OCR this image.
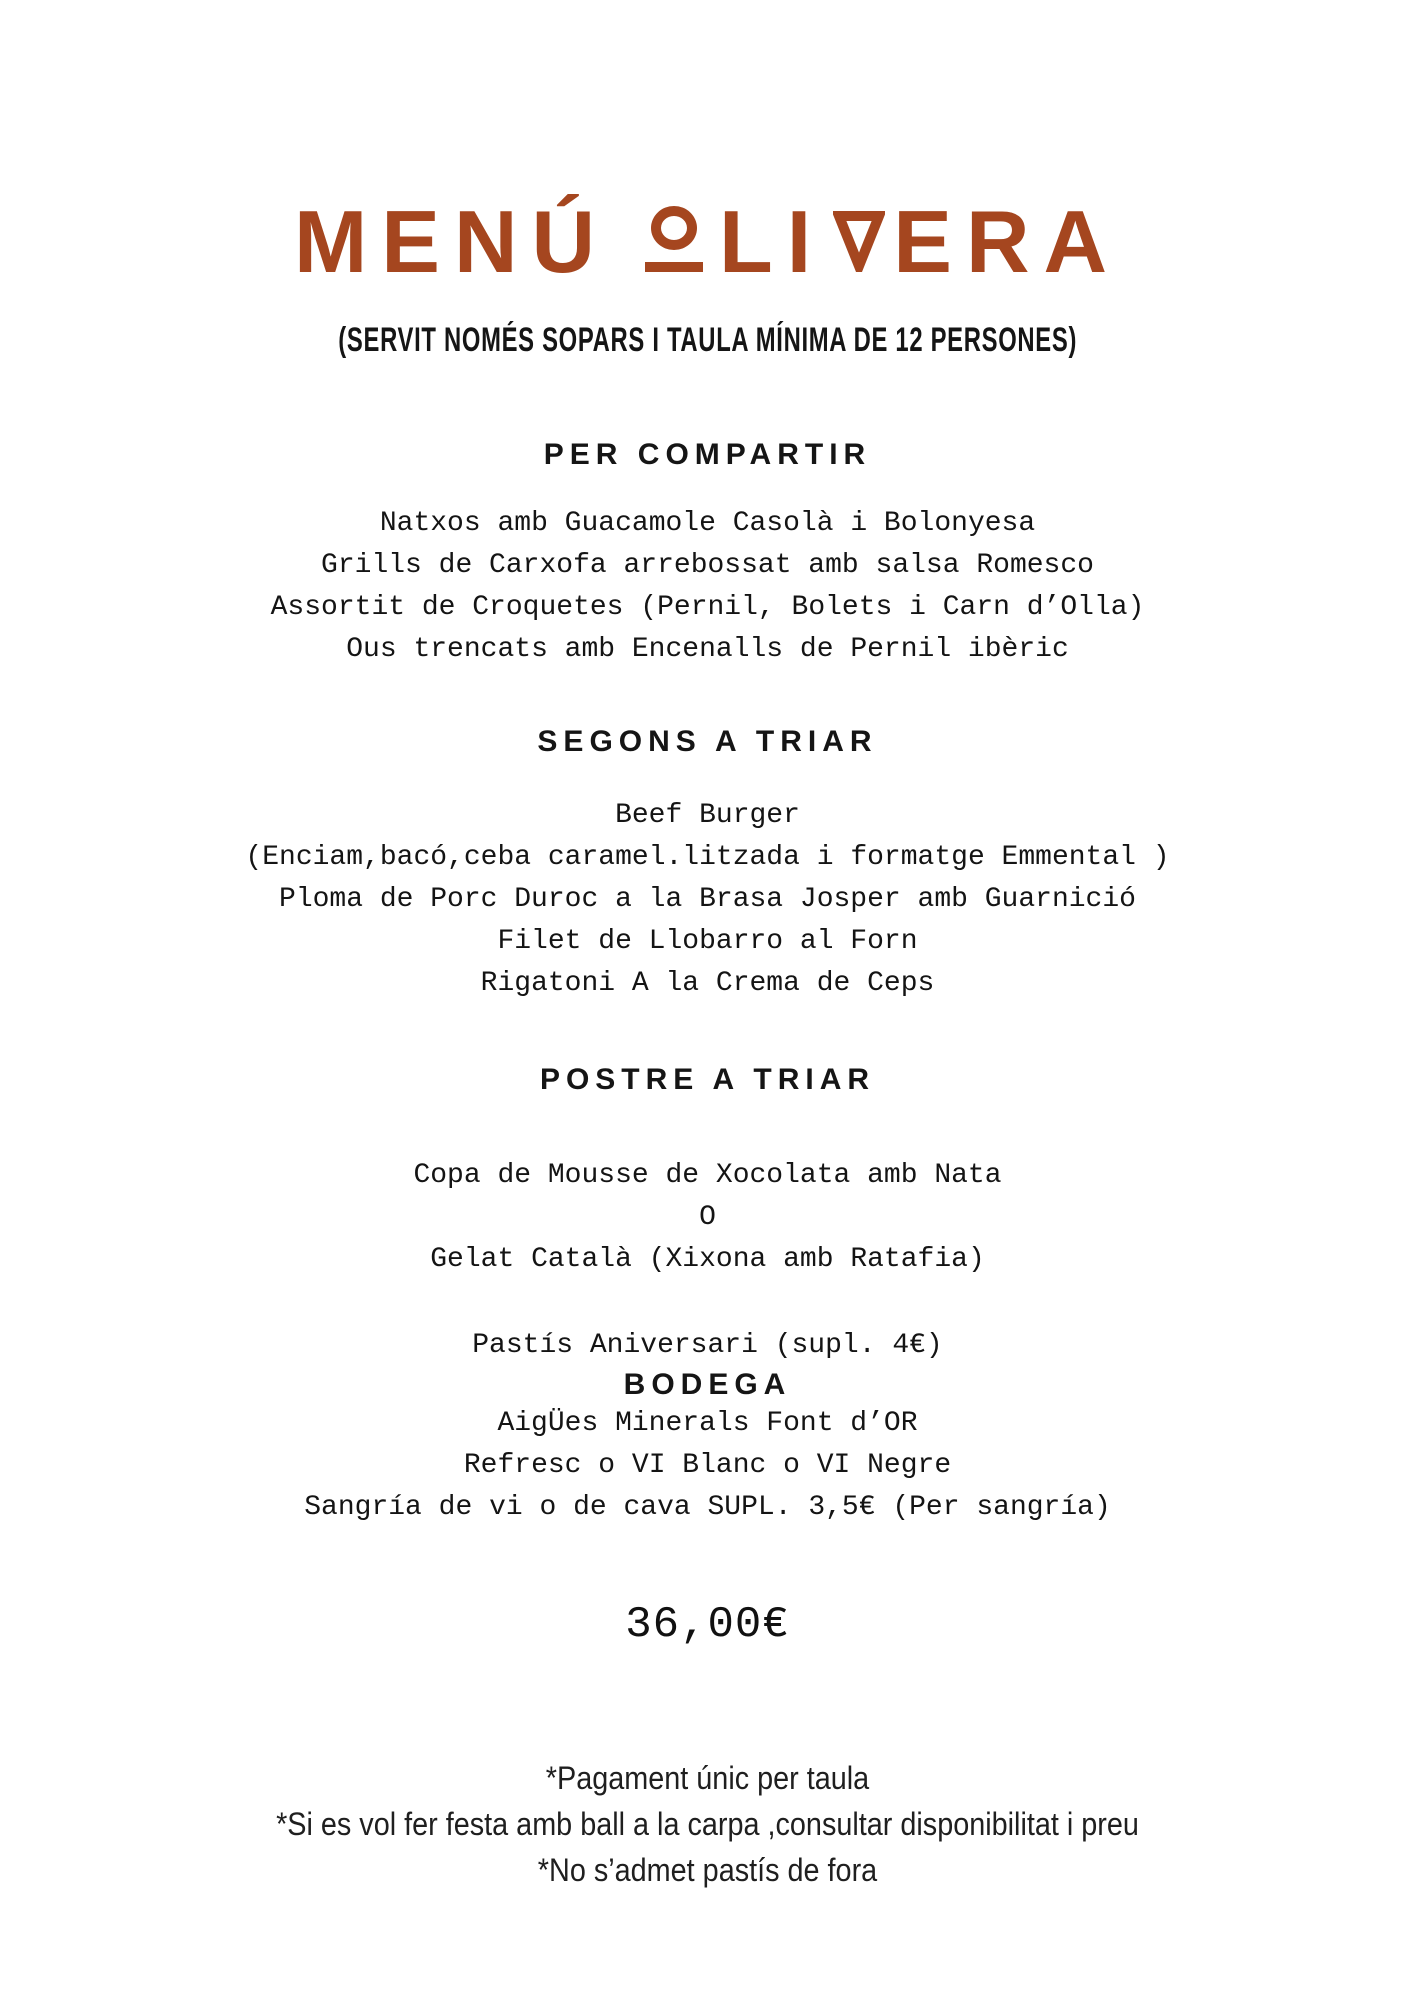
MENÚ LI ERA
(SERVIT NOMÉS SOPARS I TAULA MÍNIMA DE 12 PERSONES)
PER COMPARTIR
Natxos amb Guacamole Casolà i Bolonyesa
Grills de Carxofa arrebossat amb salsa Romesco
Assortit de Croquetes (Pernil, Bolets i Carn d’Olla)
Ous trencats amb Encenalls de Pernil ibèric
SEGONS A TRIAR
Beef Burger
(Enciam,bacó,ceba caramel.litzada i formatge Emmental )
Ploma de Porc Duroc a la Brasa Josper amb Guarnició
Filet de Llobarro al Forn
Rigatoni A la Crema de Ceps
POSTRE A TRIAR
Copa de Mousse de Xocolata amb Nata
O
Gelat Català (Xixona amb Ratafia)
Pastís Aniversari (supl. 4€)
BODEGA
AigÜes Minerals Font d’OR
Refresc o VI Blanc o VI Negre
Sangría de vi o de cava SUPL. 3,5€ (Per sangría)
36,00€
*Pagament únic per taula
*Si es vol fer festa amb ball a la carpa ,consultar disponibilitat i preu
*No s’admet pastís de fora
